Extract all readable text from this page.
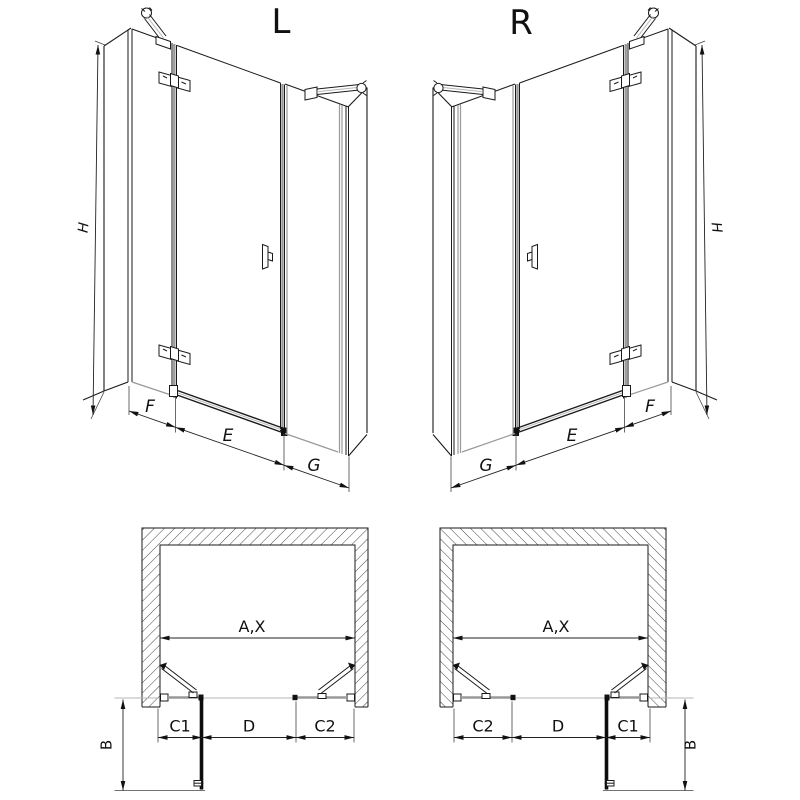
L	R
H	H
F
E
G
F
E
G
A,X
C1	D	C2
B
A,X
C2	D	C1
B
